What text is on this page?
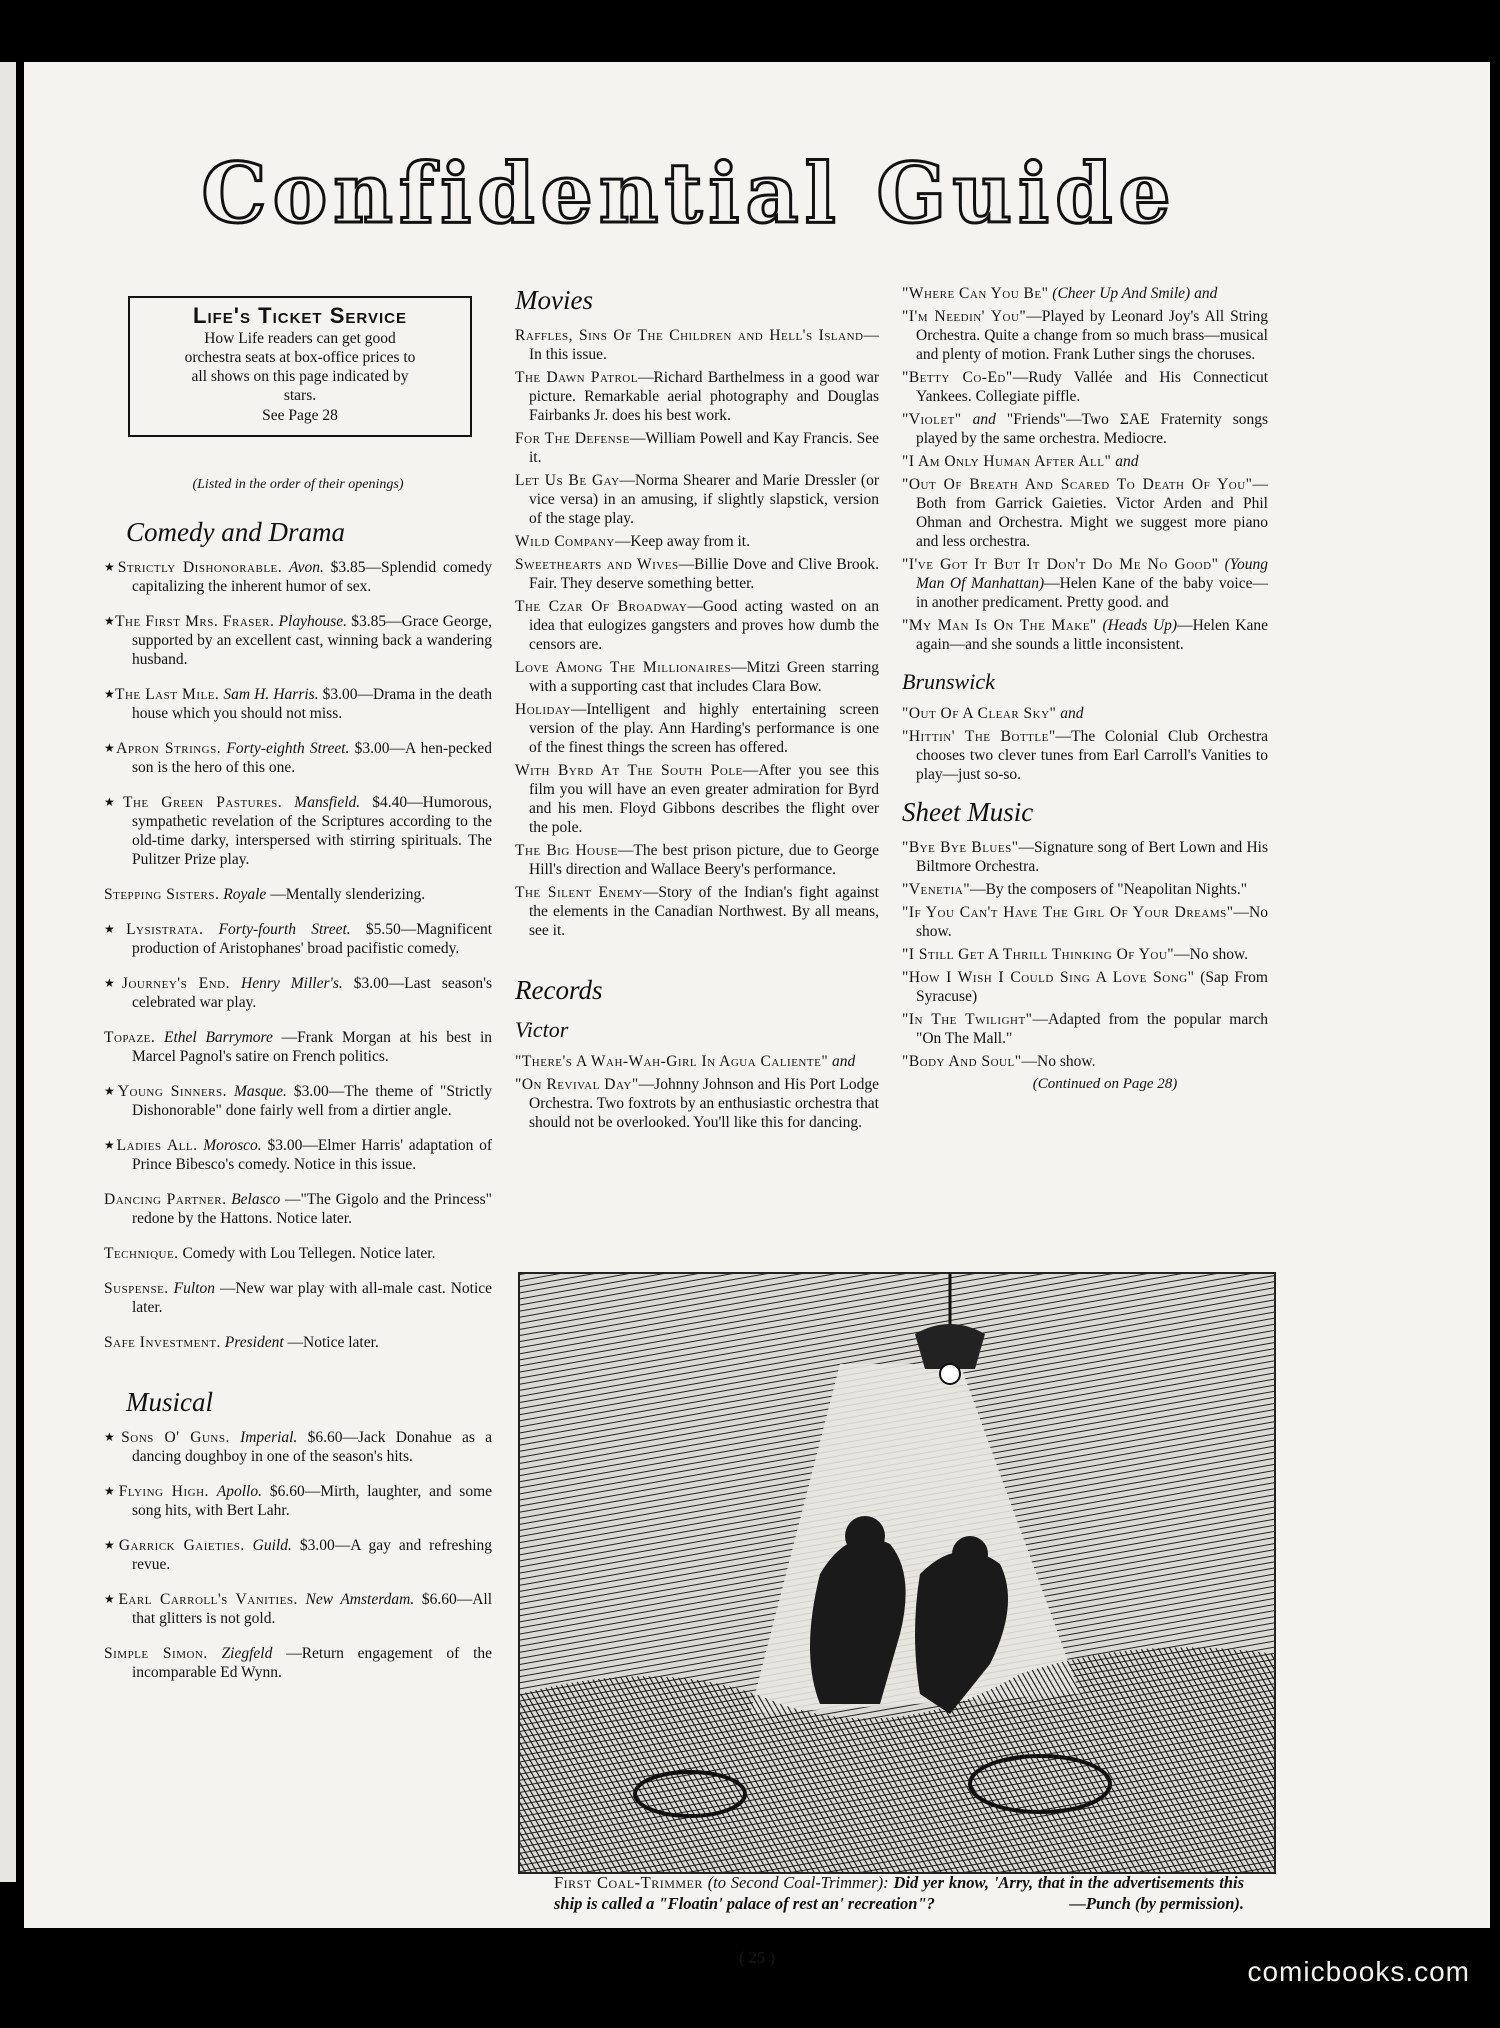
Confidential Guide
Life's Ticket Service
How Life readers can get good orchestra seats at box-office prices to all shows on this page indicated by stars.
See Page 28
(Listed in the order of their openings)
Comedy and Drama
★Strictly Dishonorable. Avon. $3.85—Splendid comedy capitalizing the inherent humor of sex.
★The First Mrs. Fraser. Playhouse. $3.85—Grace George, supported by an excellent cast, winning back a wandering husband.
★The Last Mile. Sam H. Harris. $3.00—Drama in the death house which you should not miss.
★Apron Strings. Forty-eighth Street. $3.00—A hen-pecked son is the hero of this one.
★The Green Pastures. Mansfield. $4.40—Humorous, sympathetic revelation of the Scriptures according to the old-time darky, interspersed with stirring spirituals. The Pulitzer Prize play.
Stepping Sisters. Royale —Mentally slenderizing.
★Lysistrata. Forty-fourth Street. $5.50—Magnificent production of Aristophanes' broad pacifistic comedy.
★Journey's End. Henry Miller's. $3.00—Last season's celebrated war play.
Topaze. Ethel Barrymore —Frank Morgan at his best in Marcel Pagnol's satire on French politics.
★Young Sinners. Masque. $3.00—The theme of "Strictly Dishonorable" done fairly well from a dirtier angle.
★Ladies All. Morosco. $3.00—Elmer Harris' adaptation of Prince Bibesco's comedy. Notice in this issue.
Dancing Partner. Belasco —"The Gigolo and the Princess" redone by the Hattons. Notice later.
Technique. Comedy with Lou Tellegen. Notice later.
Suspense. Fulton —New war play with all-male cast. Notice later.
Safe Investment. President —Notice later.
Musical
★Sons O' Guns. Imperial. $6.60—Jack Donahue as a dancing doughboy in one of the season's hits.
★Flying High. Apollo. $6.60—Mirth, laughter, and some song hits, with Bert Lahr.
★Garrick Gaieties. Guild. $3.00—A gay and refreshing revue.
★Earl Carroll's Vanities. New Amsterdam. $6.60—All that glitters is not gold.
Simple Simon. Ziegfeld —Return engagement of the incomparable Ed Wynn.
Movies
Raffles, Sins Of The Children and Hell's Island—In this issue.
The Dawn Patrol—Richard Barthelmess in a good war picture. Remarkable aerial photography and Douglas Fairbanks Jr. does his best work.
For The Defense—William Powell and Kay Francis. See it.
Let Us Be Gay—Norma Shearer and Marie Dressler (or vice versa) in an amusing, if slightly slapstick, version of the stage play.
Wild Company—Keep away from it.
Sweethearts and Wives—Billie Dove and Clive Brook. Fair. They deserve something better.
The Czar Of Broadway—Good acting wasted on an idea that eulogizes gangsters and proves how dumb the censors are.
Love Among The Millionaires—Mitzi Green starring with a supporting cast that includes Clara Bow.
Holiday—Intelligent and highly entertaining screen version of the play. Ann Harding's performance is one of the finest things the screen has offered.
With Byrd At The South Pole—After you see this film you will have an even greater admiration for Byrd and his men. Floyd Gibbons describes the flight over the pole.
The Big House—The best prison picture, due to George Hill's direction and Wallace Beery's performance.
The Silent Enemy—Story of the Indian's fight against the elements in the Canadian Northwest. By all means, see it.
Records
Victor
"There's A Wah-Wah-Girl In Agua Caliente" and
"On Revival Day"—Johnny Johnson and His Port Lodge Orchestra. Two foxtrots by an enthusiastic orchestra that should not be overlooked. You'll like this for dancing.
"Where Can You Be" (Cheer Up And Smile) and
"I'm Needin' You"—Played by Leonard Joy's All String Orchestra. Quite a change from so much brass—musical and plenty of motion. Frank Luther sings the choruses.
"Betty Co-Ed"—Rudy Vallée and His Connecticut Yankees. Collegiate piffle.
"Violet" and "Friends"—Two ΣAE Fraternity songs played by the same orchestra. Mediocre.
"I Am Only Human After All" and
"Out Of Breath And Scared To Death Of You"—Both from Garrick Gaieties. Victor Arden and Phil Ohman and Orchestra. Might we suggest more piano and less orchestra.
"I've Got It But It Don't Do Me No Good" (Young Man Of Manhattan)—Helen Kane of the baby voice—in another predicament. Pretty good. and
"My Man Is On The Make" (Heads Up)—Helen Kane again—and she sounds a little inconsistent.
Brunswick
"Out Of A Clear Sky" and
"Hittin' The Bottle"—The Colonial Club Orchestra chooses two clever tunes from Earl Carroll's Vanities to play—just so-so.
Sheet Music
"Bye Bye Blues"—Signature song of Bert Lown and His Biltmore Orchestra.
"Venetia"—By the composers of "Neapolitan Nights."
"If You Can't Have The Girl Of Your Dreams"—No show.
"I Still Get A Thrill Thinking Of You"—No show.
"How I Wish I Could Sing A Love Song" (Sap From Syracuse)
"In The Twilight"—Adapted from the popular march "On The Mall."
"Body And Soul"—No show.
(Continued on Page 28)
First Coal-Trimmer (to Second Coal-Trimmer): Did yer know, 'Arry, that in the advertisements this ship is called a "Floatin' palace of rest an' recreation"?	—Punch (by permission).
( 25 )	comicbooks.com
